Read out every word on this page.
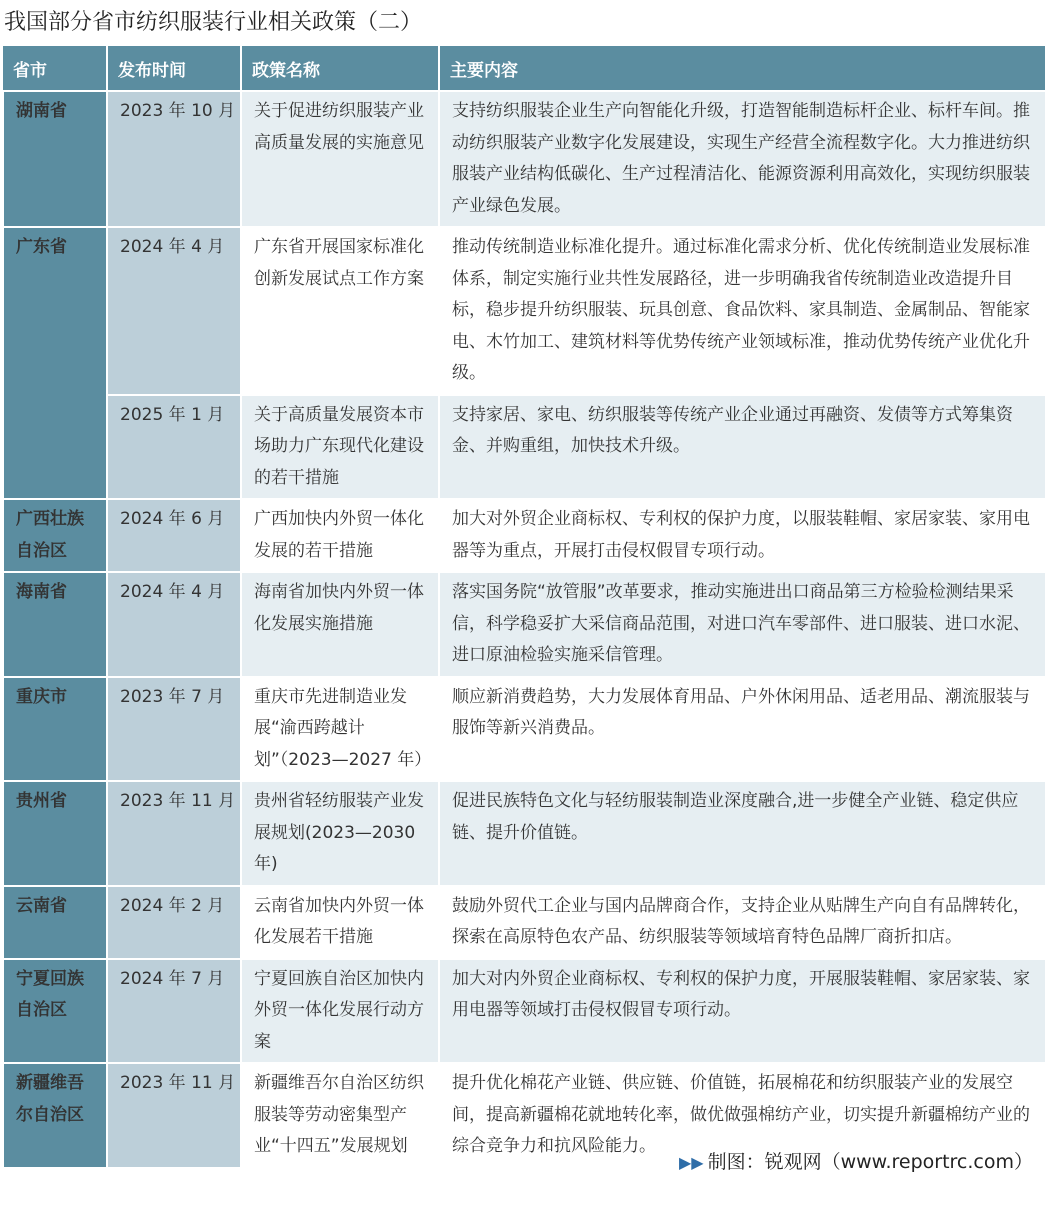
我国部分省市纺织服装行业相关政策（二）
省市	发布时间	政策名称	主要内容
湖南省	2023 年 10 月	关于促进纺织服装产业高质量发展的实施意见	支持纺织服装企业生产向智能化升级，打造智能制造标杆企业、标杆车间。推动纺织服装产业数字化发展建设，实现生产经营全流程数字化。大力推进纺织服装产业结构低碳化、生产过程清洁化、能源资源利用高效化，实现纺织服装产业绿色发展。
广东省	2024 年 4 月	广东省开展国家标准化创新发展试点工作方案	推动传统制造业标准化提升。通过标准化需求分析、优化传统制造业发展标准体系，制定实施行业共性发展路径，进一步明确我省传统制造业改造提升目标，稳步提升纺织服装、玩具创意、食品饮料、家具制造、金属制品、智能家电、木竹加工、建筑材料等优势传统产业领域标准，推动优势传统产业优化升级。
	2025 年 1 月	关于高质量发展资本市场助力广东现代化建设的若干措施	支持家居、家电、纺织服装等传统产业企业通过再融资、发债等方式筹集资金、并购重组，加快技术升级。
广西壮族自治区	2024 年 6 月	广西加快内外贸一体化发展的若干措施	加大对外贸企业商标权、专利权的保护力度，以服装鞋帽、家居家装、家用电器等为重点，开展打击侵权假冒专项行动。
海南省	2024 年 4 月	海南省加快内外贸一体化发展实施措施	落实国务院“放管服”改革要求，推动实施进出口商品第三方检验检测结果采信，科学稳妥扩大采信商品范围，对进口汽车零部件、进口服装、进口水泥、进口原油检验实施采信管理。
重庆市	2023 年 7 月	重庆市先进制造业发展“渝西跨越计划”（2023—2027 年）	顺应新消费趋势，大力发展体育用品、户外休闲用品、适老用品、潮流服装与服饰等新兴消费品。
贵州省	2023 年 11 月	贵州省轻纺服装产业发展规划(2023—2030年)	促进民族特色文化与轻纺服装制造业深度融合,进一步健全产业链、稳定供应链、提升价值链。
云南省	2024 年 2 月	云南省加快内外贸一体化发展若干措施	鼓励外贸代工企业与国内品牌商合作，支持企业从贴牌生产向自有品牌转化，探索在高原特色农产品、纺织服装等领域培育特色品牌厂商折扣店。
宁夏回族自治区	2024 年 7 月	宁夏回族自治区加快内外贸一体化发展行动方案	加大对内外贸企业商标权、专利权的保护力度，开展服装鞋帽、家居家装、家用电器等领域打击侵权假冒专项行动。
新疆维吾尔自治区	2023 年 11 月	新疆维吾尔自治区纺织服装等劳动密集型产业“十四五”发展规划	提升优化棉花产业链、供应链、价值链，拓展棉花和纺织服装产业的发展空间，提高新疆棉花就地转化率，做优做强棉纺产业，切实提升新疆棉纺产业的综合竞争力和抗风险能力。
▶▶ 制图：锐观网（www.reportrc.com）
